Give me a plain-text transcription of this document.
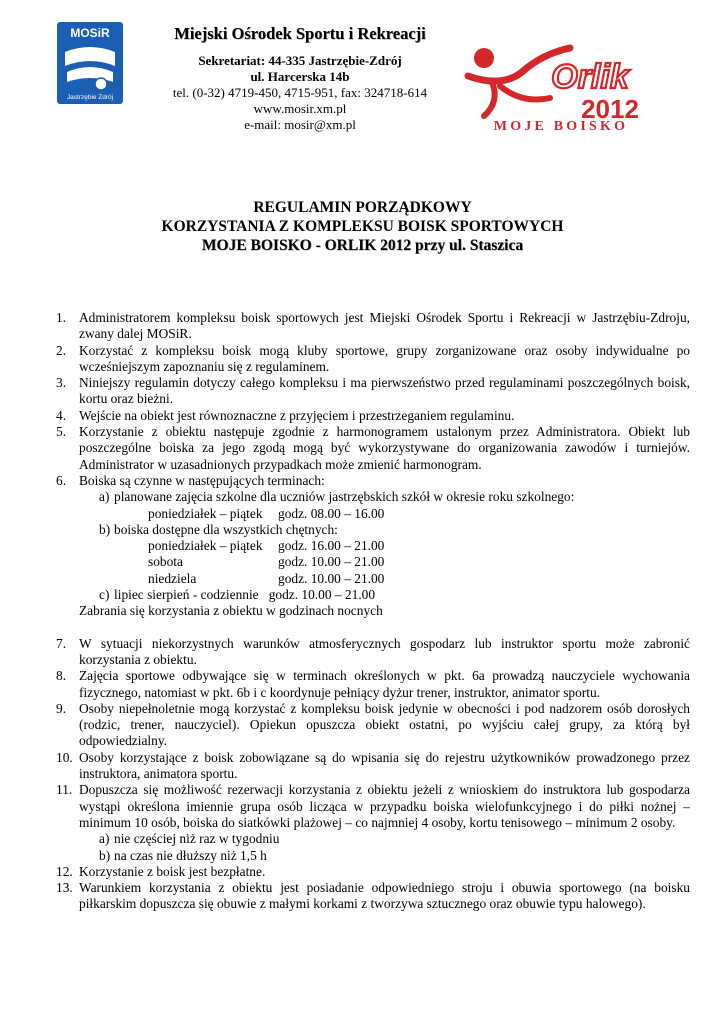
MOSiR
Jastrzębie Zdrój
Miejski Ośrodek Sportu i Rekreacji
Sekretariat: 44-335 Jastrzębie-Zdrój
ul. Harcerska 14b
tel. (0-32) 4719-450, 4715-951, fax: 324718-614
www.mosir.xm.pl
e-mail: mosir@xm.pl
Orlik
2012
MOJE BOISKO
REGULAMIN PORZĄDKOWY
KORZYSTANIA Z KOMPLEKSU BOISK SPORTOWYCH
MOJE BOISKO - ORLIK 2012 przy ul. Staszica
1. Administratorem kompleksu boisk sportowych jest Miejski Ośrodek Sportu i Rekreacji w Jastrzębiu-Zdroju, zwany dalej MOSiR.
2. Korzystać z kompleksu boisk mogą kluby sportowe, grupy zorganizowane oraz osoby indywidualne po wcześniejszym zapoznaniu się z regulaminem.
3. Niniejszy regulamin dotyczy całego kompleksu i ma pierwszeństwo przed regulaminami poszczególnych boisk, kortu oraz bieżni.
4. Wejście na obiekt jest równoznaczne z przyjęciem i przestrzeganiem regulaminu.
5. Korzystanie z obiektu następuje zgodnie z harmonogramem ustalonym przez Administratora. Obiekt lub poszczególne boiska za jego zgodą mogą być wykorzystywane do organizowania zawodów i turniejów. Administrator w uzasadnionych przypadkach może zmienić harmonogram.
6. Boiska są czynne w następujących terminach:
a) planowane zajęcia szkolne dla uczniów jastrzębskich szkół w okresie roku szkolnego:
poniedziałek – piątek	godz. 08.00 – 16.00
b) boiska dostępne dla wszystkich chętnych:
poniedziałek – piątek	godz. 16.00 – 21.00
sobota	godz. 10.00 – 21.00
niedziela	godz. 10.00 – 21.00
c) lipiec sierpień - codziennie godz. 10.00 – 21.00
Zabrania się korzystania z obiektu w godzinach nocnych
7. W sytuacji niekorzystnych warunków atmosferycznych gospodarz lub instruktor sportu może zabronić korzystania z obiektu.
8. Zajęcia sportowe odbywające się w terminach określonych w pkt. 6a prowadzą nauczyciele wychowania fizycznego, natomiast w pkt. 6b i c koordynuje pełniący dyżur trener, instruktor, animator sportu.
9. Osoby niepełnoletnie mogą korzystać z kompleksu boisk jedynie w obecności i pod nadzorem osób dorosłych (rodzic, trener, nauczyciel). Opiekun opuszcza obiekt ostatni, po wyjściu całej grupy, za którą był odpowiedzialny.
10. Osoby korzystające z boisk zobowiązane są do wpisania się do rejestru użytkowników prowadzonego przez instruktora, animatora sportu.
11. Dopuszcza się możliwość rezerwacji korzystania z obiektu jeżeli z wnioskiem do instruktora lub gospodarza wystąpi określona imiennie grupa osób licząca w przypadku boiska wielofunkcyjnego i do piłki nożnej – minimum 10 osób, boiska do siatkówki plażowej – co najmniej 4 osoby, kortu tenisowego – minimum 2 osoby.
a) nie częściej niż raz w tygodniu
b) na czas nie dłuższy niż 1,5 h
12. Korzystanie z boisk jest bezpłatne.
13. Warunkiem korzystania z obiektu jest posiadanie odpowiedniego stroju i obuwia sportowego (na boisku piłkarskim dopuszcza się obuwie z małymi korkami z tworzywa sztucznego oraz obuwie typu halowego).
